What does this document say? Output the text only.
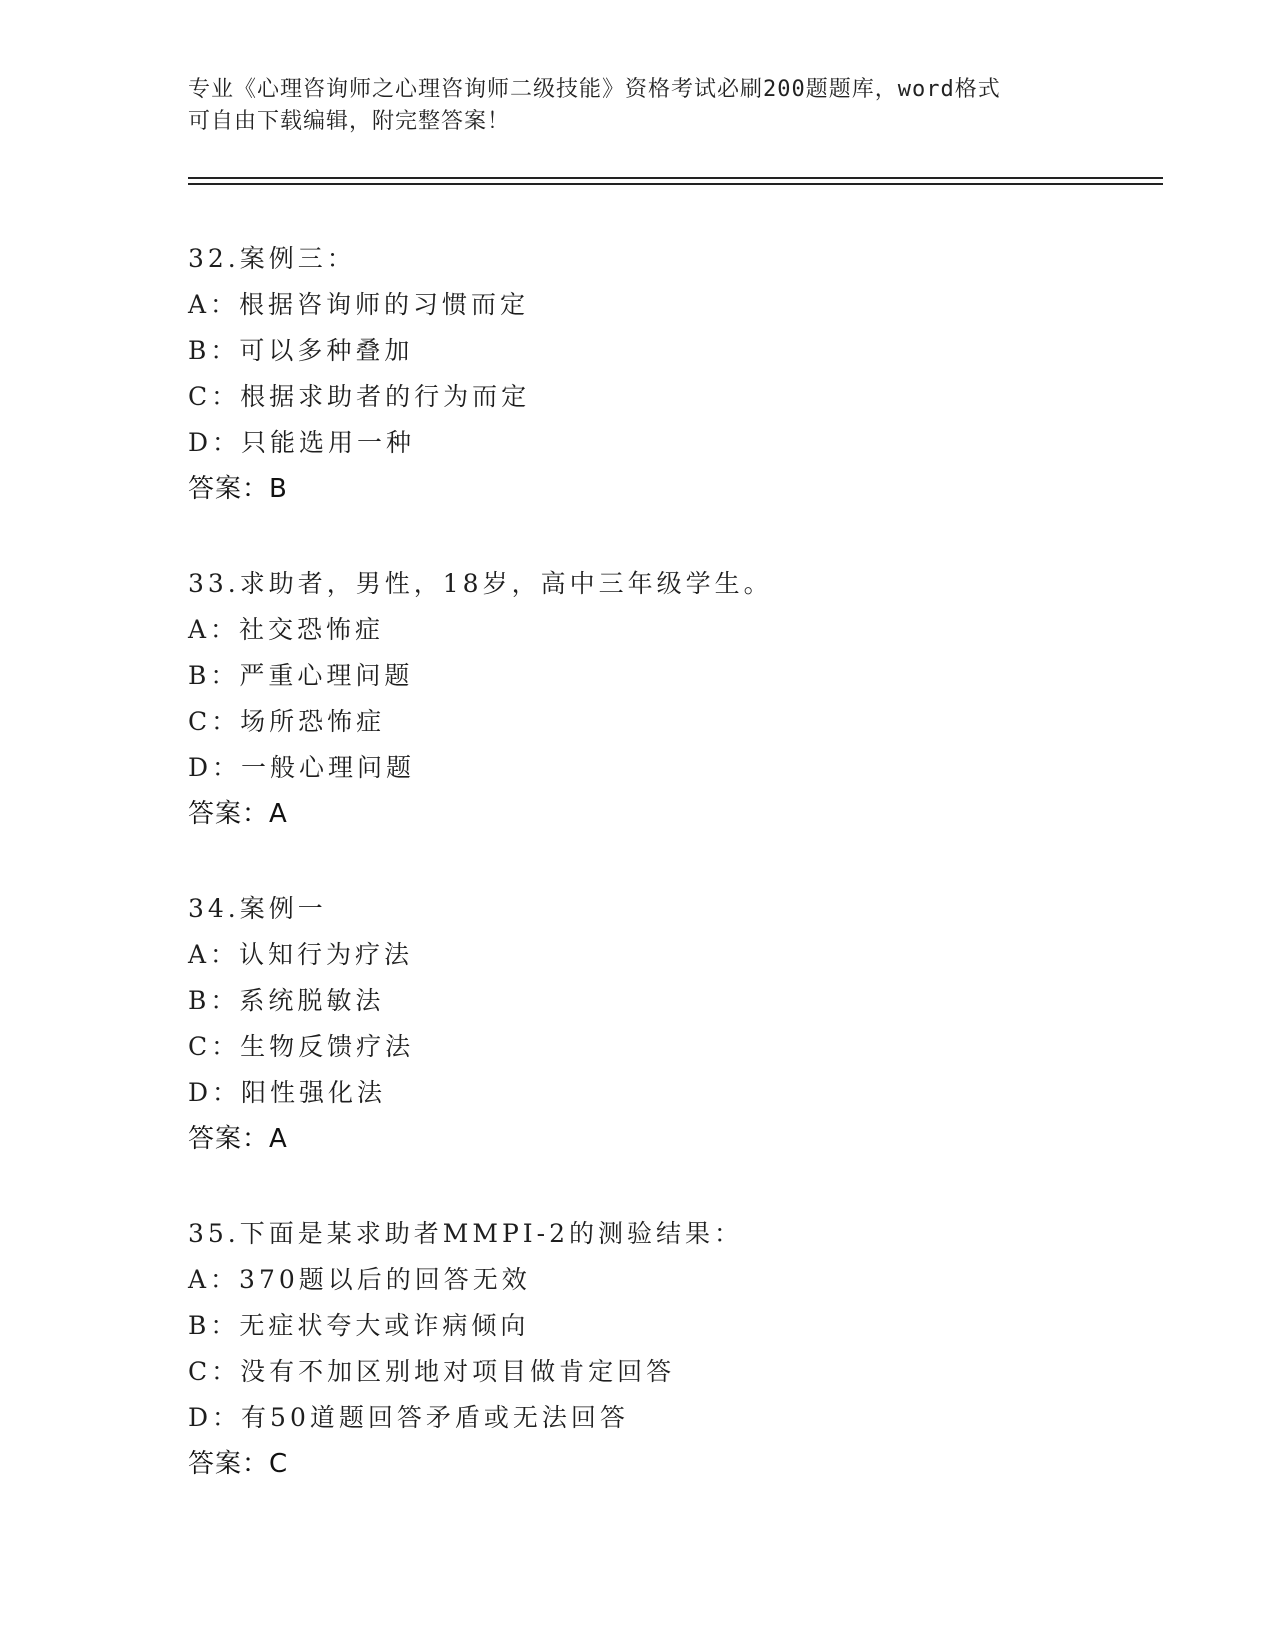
专业《心理咨询师之心理咨询师二级技能》资格考试必刷200题题库，word格式
可自由下载编辑，附完整答案！
32.案例三：
A：根据咨询师的习惯而定
B：可以多种叠加
C：根据求助者的行为而定
D：只能选用一种
答案：B
33.求助者，男性，18岁，高中三年级学生。
A：社交恐怖症
B：严重心理问题
C：场所恐怖症
D：一般心理问题
答案：A
34.案例一
A：认知行为疗法
B：系统脱敏法
C：生物反馈疗法
D：阳性强化法
答案：A
35.下面是某求助者MMPI-2的测验结果：
A：370题以后的回答无效
B：无症状夸大或诈病倾向
C：没有不加区别地对项目做肯定回答
D：有50道题回答矛盾或无法回答
答案：C
